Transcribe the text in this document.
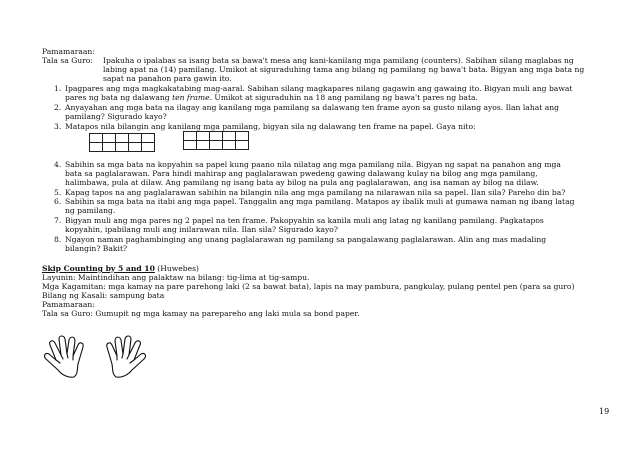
Pamamaraan:
Tala sa Guro: Ipakuha o ipalabas sa isang bata sa bawa't mesa ang kani-kanilang mga pamilang (counters). Sabihan silang maglabas ng
labing apat na (14) pamilang. Umikot at siguraduhing tama ang bilang ng pamilang ng bawa't bata. Bigyan ang mga bata ng
sapat na panahon para gawin ito.
1. Ipagpares ang mga magkakatabing mag-aaral. Sabihan silang magkapares nilang gagawin ang gawaing ito. Bigyan muli ang bawat
pares ng bata ng dalawang ten frame. Umikot at siguraduhin na 18 ang pamilang ng bawa't pares ng bata.
2. Anyayahan ang mga bata na ilagay ang kanilang mga pamilang sa dalawang ten frame ayon sa gusto nilang ayos. Ilan lahat ang
pamilang? Sigurado kayo?
3. Matapos nila bilangin ang kanilang mga pamilang, bigyan sila ng dalawang ten frame na papel. Gaya nito:

4. Sabihin sa mga bata na kopyahin sa papel kung paano nila nilatag ang mga pamilang nila. Bigyan ng sapat na panahon ang mga
bata sa paglalarawan. Para hindi mahirap ang paglalarawan pwedeng gawing dalawang kulay na bilog ang mga pamilang,
halimbawa, pula at dilaw. Ang pamilang ng isang bata ay bilog na pula ang paglalarawan, ang isa naman ay bilog na dilaw.
5. Kapag tapos na ang paglalarawan sabihin na bilangin nila ang mga pamilang na nilarawan nila sa papel. Ilan sila? Pareho din ba?
6. Sabihin sa mga bata na itabi ang mga papel. Tanggalin ang mga pamilang. Matapos ay ibalik muli at gumawa naman ng ibang latag
ng pamilang.
7. Bigyan muli ang mga pares ng 2 papel na ten frame. Pakopyahin sa kanila muli ang latag ng kanilang pamilang. Pagkatapos
kopyahin, ipabilang muli ang inilarawan nila. Ilan sila? Sigurado kayo?
8. Ngayon naman paghambinging ang unang paglalarawan ng pamilang sa pangalawang paglalarawan. Alin ang mas madaling
bilangin? Bakit?
Skip Counting by 5 and 10 (Huwebes)
Layunin: Maintindihan ang palaktaw na bilang: tig-lima at tig-sampu.
Mga Kagamitan: mga kamay na pare parehong laki (2 sa bawat bata), lapis na may pambura, pangkulay, pulang pentel pen (para sa guro)
Bilang ng Kasali: sampung bata
Pamamaraan:
Tala sa Guro: Gumupit ng mga kamay na parepareho ang laki mula sa bond paper.
19
